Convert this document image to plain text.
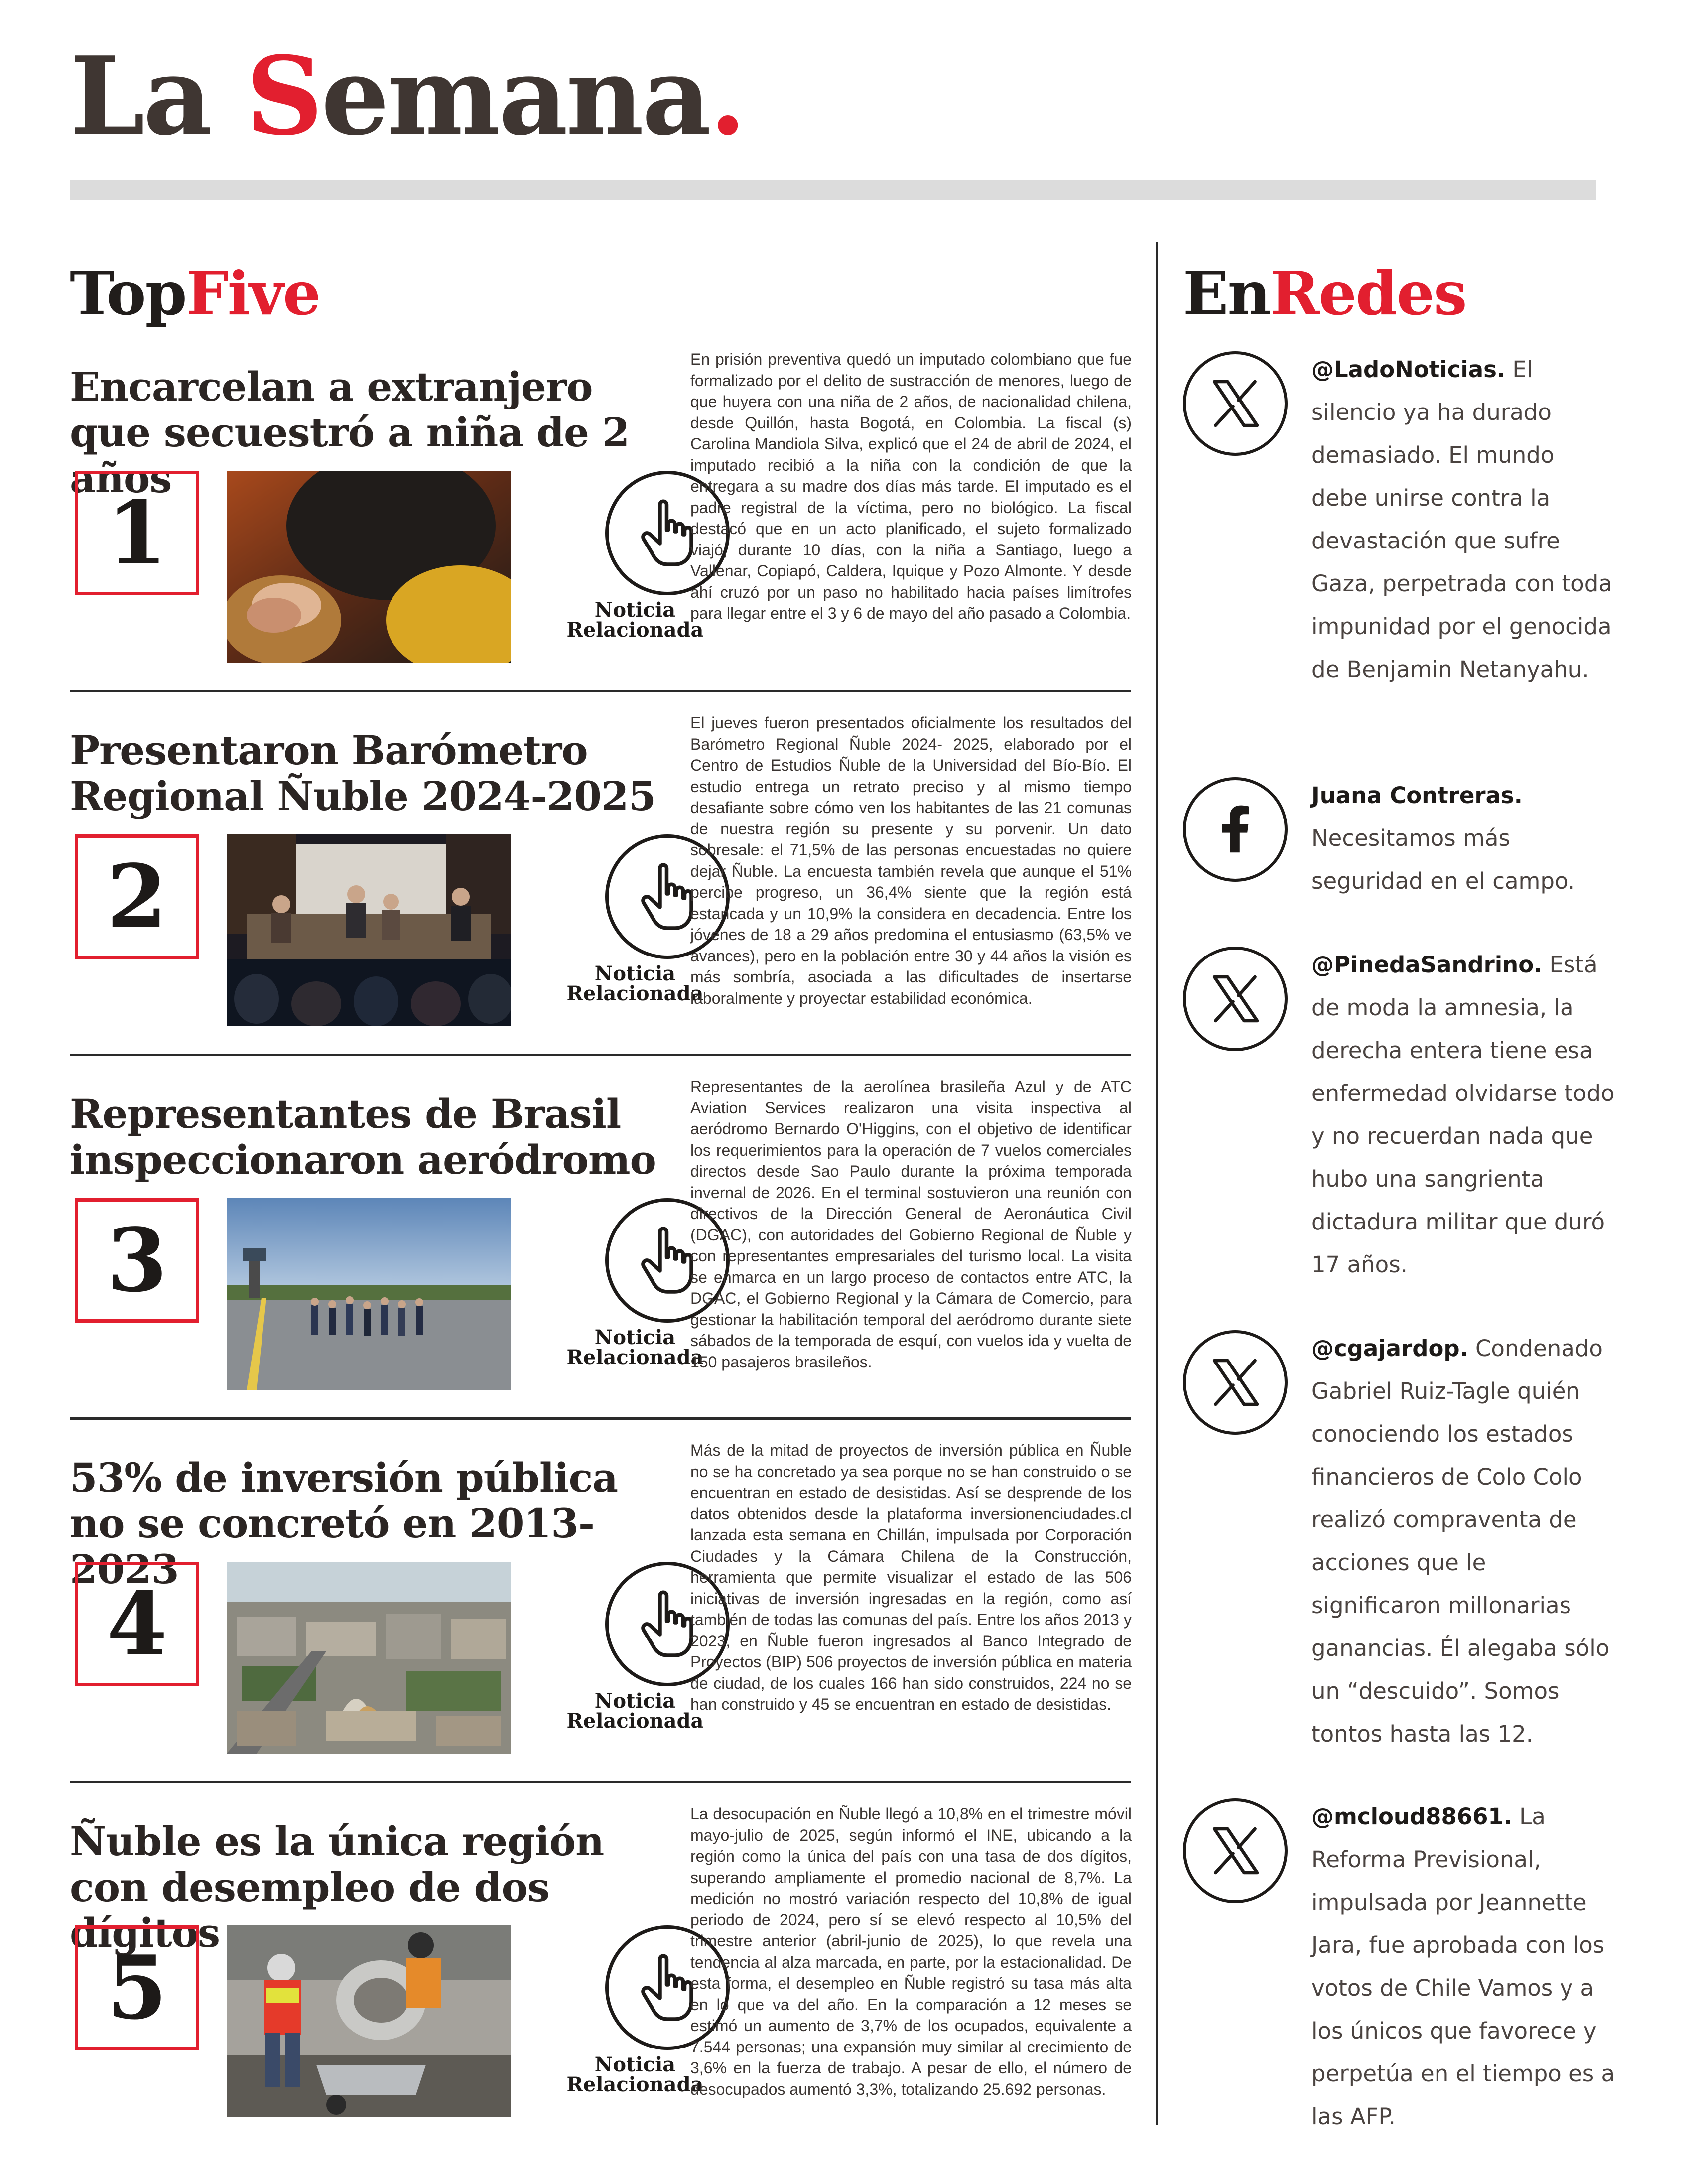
La Semana.
TopFive	EnRedes
Encarcelan a extranjero que secuestró a niña de 2 años
1
Noticia
Relacionada
En prisión preventiva quedó un imputado colombiano que fue formalizado por el delito de sustracción de menores, luego de que huyera con una niña de 2 años, de nacionalidad chilena, desde Quillón, hasta Bogotá, en Colombia. La fiscal (s) Carolina Mandiola Silva, explicó que el 24 de abril de 2024, el imputado recibió a la niña con la condición de que la entregara a su madre dos días más tarde. El imputado es el padre registral de la víctima, pero no biológico. La fiscal destacó que en un acto planificado, el sujeto formalizado viajó, durante 10 días, con la niña a Santiago, luego a Vallenar, Copiapó, Caldera, Iquique y Pozo Almonte. Y desde ahí cruzó por un paso no habilitado hacia países limítrofes para llegar entre el 3 y 6 de mayo del año pasado a Colombia.
Presentaron Barómetro Regional Ñuble 2024-2025
2
Noticia
Relacionada
El jueves fueron presentados oficialmente los resultados del Barómetro Regional Ñuble 2024- 2025, elaborado por el Centro de Estudios Ñuble de la Universidad del Bío-Bío. El estudio entrega un retrato preciso y al mismo tiempo desafiante sobre cómo ven los habitantes de las 21 comunas de nuestra región su presente y su porvenir. Un dato sobresale: el 71,5% de las personas encuestadas no quiere dejar Ñuble. La encuesta también revela que aunque el 51% percibe progreso, un 36,4% siente que la región está estancada y un 10,9% la considera en decadencia. Entre los jóvenes de 18 a 29 años predomina el entusiasmo (63,5% ve avances), pero en la población entre 30 y 44 años la visión es más sombría, asociada a las dificultades de insertarse laboralmente y proyectar estabilidad económica.
Representantes de Brasil inspeccionaron aeródromo
3
Noticia
Relacionada
Representantes de la aerolínea brasileña Azul y de ATC Aviation Services realizaron una visita inspectiva al aeródromo Bernardo O'Higgins, con el objetivo de identificar los requerimientos para la operación de 7 vuelos comerciales directos desde Sao Paulo durante la próxima temporada invernal de 2026. En el terminal sostuvieron una reunión con directivos de la Dirección General de Aeronáutica Civil (DGAC), con autoridades del Gobierno Regional de Ñuble y con representantes empresariales del turismo local. La visita se enmarca en un largo proceso de contactos entre ATC, la DGAC, el Gobierno Regional y la Cámara de Comercio, para gestionar la habilitación temporal del aeródromo durante siete sábados de la temporada de esquí, con vuelos ida y vuelta de 150 pasajeros brasileños.
53% de inversión pública no se concretó en 2013-2023
4
Noticia
Relacionada
Más de la mitad de proyectos de inversión pública en Ñuble no se ha concretado ya sea porque no se han construido o se encuentran en estado de desistidas. Así se desprende de los datos obtenidos desde la plataforma inversionenciudades.cl lanzada esta semana en Chillán, impulsada por Corporación Ciudades y la Cámara Chilena de la Construcción, herramienta que permite visualizar el estado de las 506 iniciativas de inversión ingresadas en la región, como así también de todas las comunas del país. Entre los años 2013 y 2023, en Ñuble fueron ingresados al Banco Integrado de Proyectos (BIP) 506 proyectos de inversión pública en materia de ciudad, de los cuales 166 han sido construidos, 224 no se han construido y 45 se encuentran en estado de desistidas.
Ñuble es la única región con desempleo de dos dígitos
5
Noticia
Relacionada
La desocupación en Ñuble llegó a 10,8% en el trimestre móvil mayo-julio de 2025, según informó el INE, ubicando a la región como la única del país con una tasa de dos dígitos, superando ampliamente el promedio nacional de 8,7%. La medición no mostró variación respecto del 10,8% de igual periodo de 2024, pero sí se elevó respecto al 10,5% del trimestre anterior (abril-junio de 2025), lo que revela una tendencia al alza marcada, en parte, por la estacionalidad. De esta forma, el desempleo en Ñuble registró su tasa más alta en lo que va del año. En la comparación a 12 meses se estimó un aumento de 3,7% de los ocupados, equivalente a 7.544 personas; una expansión muy similar al crecimiento de 3,6% en la fuerza de trabajo. A pesar de ello, el número de desocupados aumentó 3,3%, totalizando 25.692 personas.
@LadoNoticias. El silencio ya ha durado demasiado. El mundo debe unirse contra la devastación que sufre Gaza, perpetrada con toda impunidad por el genocida de Benjamin Netanyahu.
Juana Contreras. Necesitamos más seguridad en el campo.
@PinedaSandrino. Está de moda la amnesia, la derecha entera tiene esa enfermedad olvidarse todo y no recuerdan nada que hubo una sangrienta dictadura militar que duró 17 años.
@cgajardop. Condenado Gabriel Ruiz-Tagle quién conociendo los estados financieros de Colo Colo realizó compraventa de acciones que le significaron millonarias ganancias. Él alegaba sólo un “descuido”. Somos tontos hasta las 12.
@mcloud88661. La Reforma Previsional, impulsada por Jeannette Jara, fue aprobada con los votos de Chile Vamos y a los únicos que favorece y perpetúa en el tiempo es a las AFP.
